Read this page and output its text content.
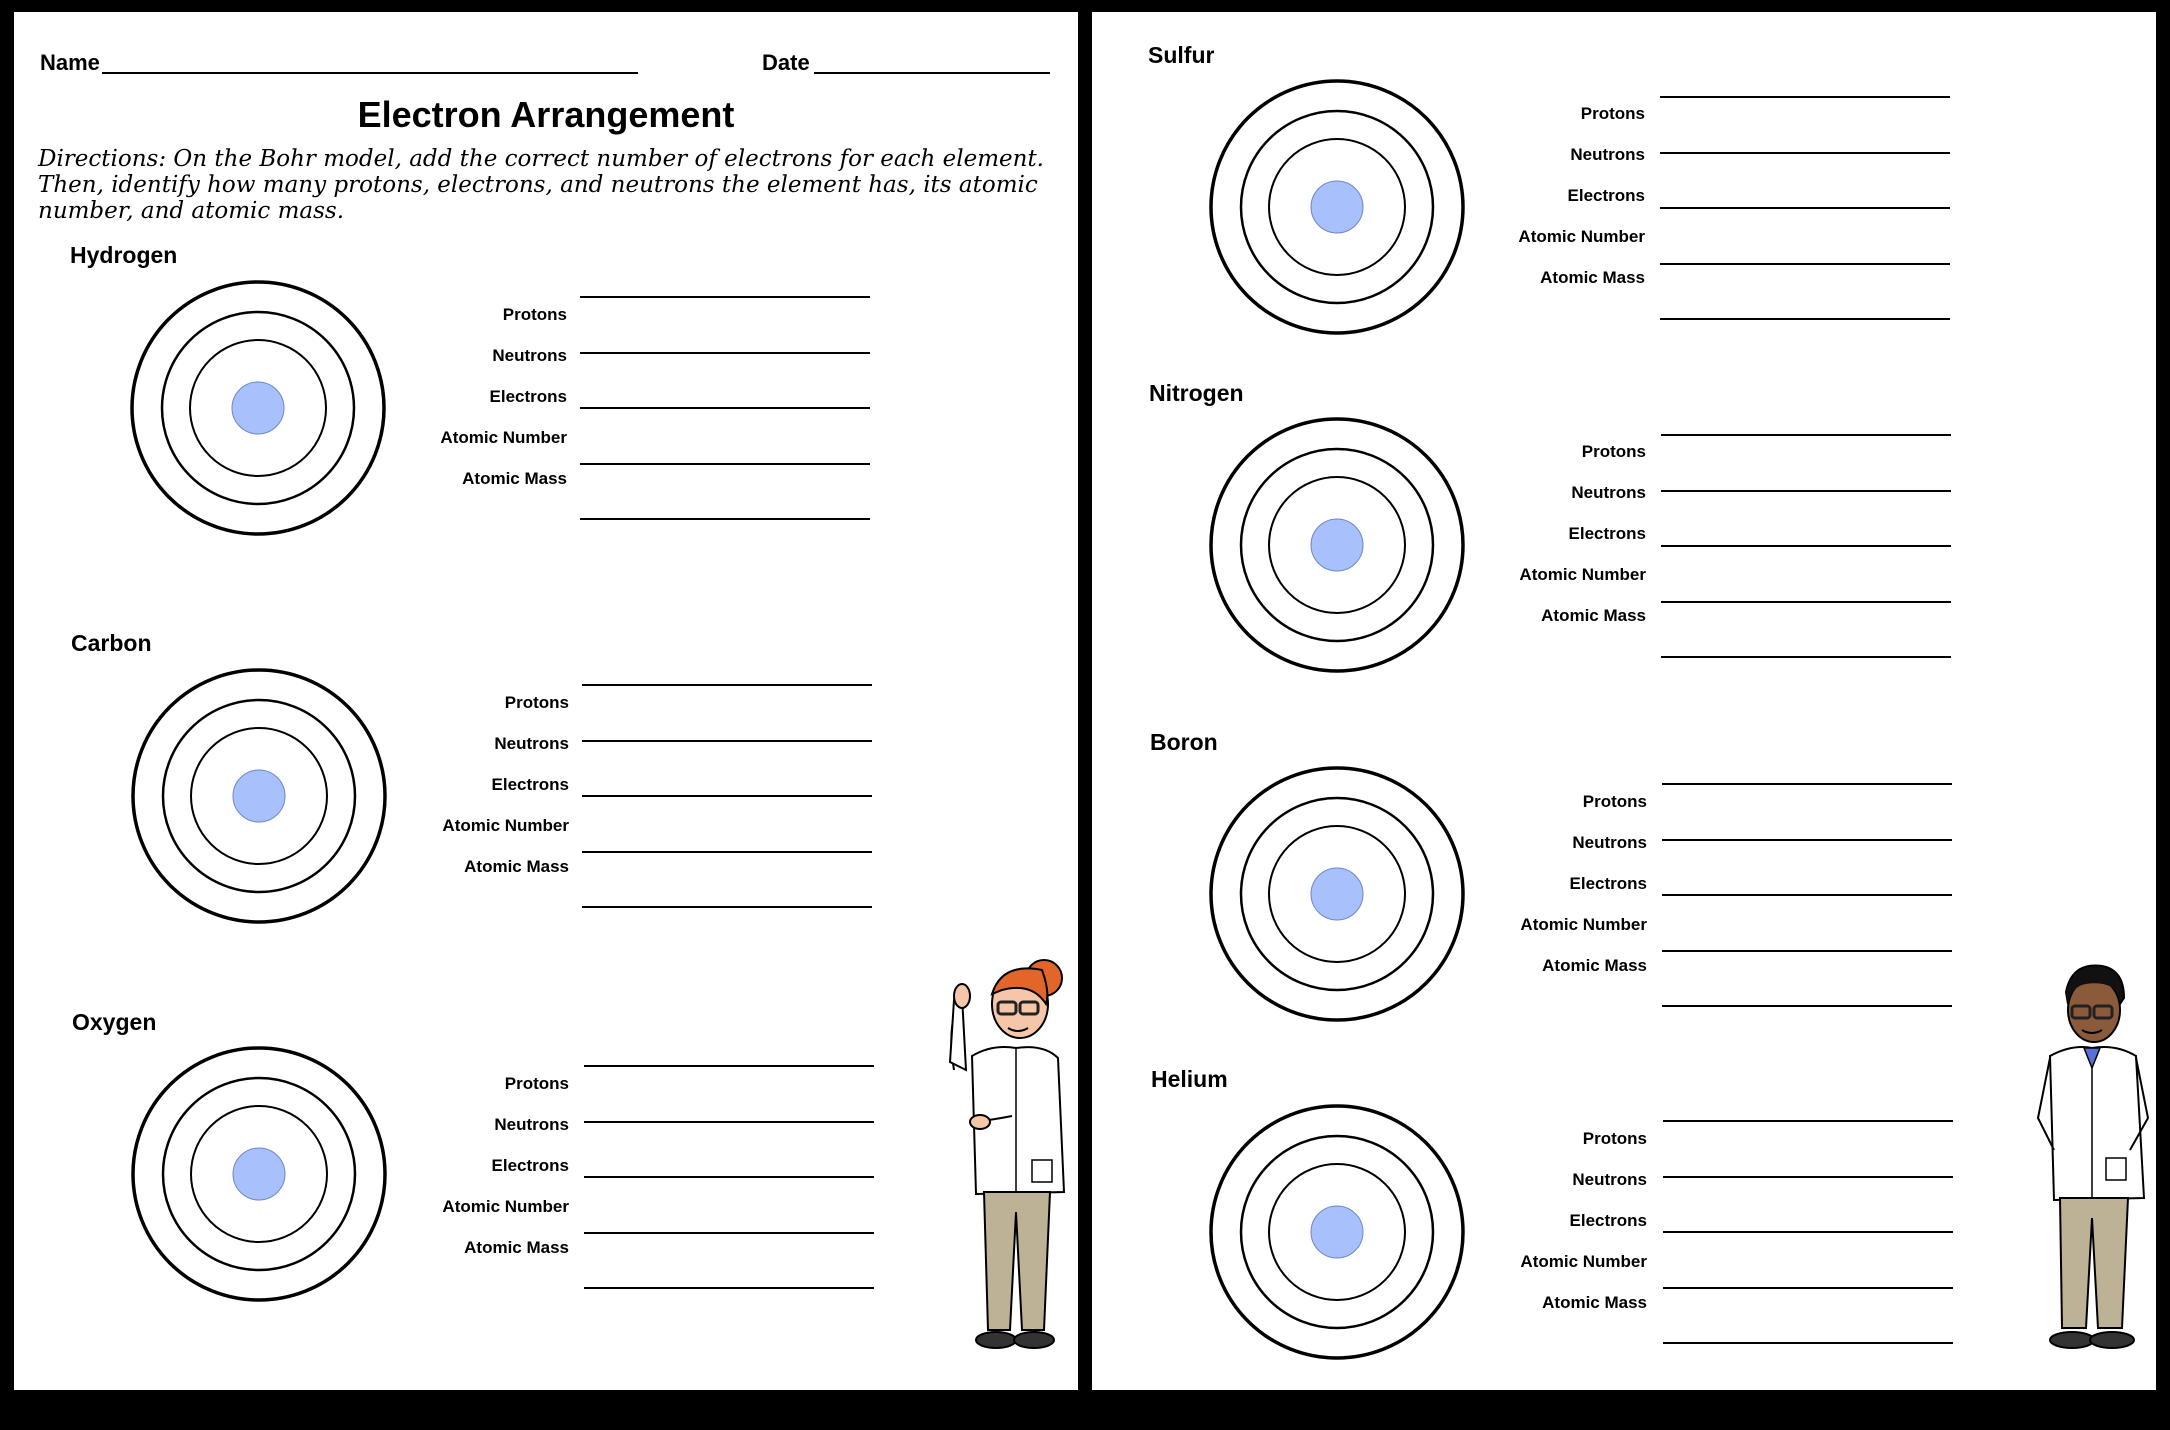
Name	Date
Electron Arrangement
Directions: On the Bohr model, add the correct number of electrons for each element. Then, identify how many protons, electrons, and neutrons the element has, its atomic number, and atomic mass.
Hydrogen
Protons
Neutrons
Electrons
Atomic Number
Atomic Mass
Carbon
Protons
Neutrons
Electrons
Atomic Number
Atomic Mass
Oxygen
Protons
Neutrons
Electrons
Atomic Number
Atomic Mass
Sulfur
Protons
Neutrons
Electrons
Atomic Number
Atomic Mass
Nitrogen
Protons
Neutrons
Electrons
Atomic Number
Atomic Mass
Boron
Protons
Neutrons
Electrons
Atomic Number
Atomic Mass
Helium
Protons
Neutrons
Electrons
Atomic Number
Atomic Mass
